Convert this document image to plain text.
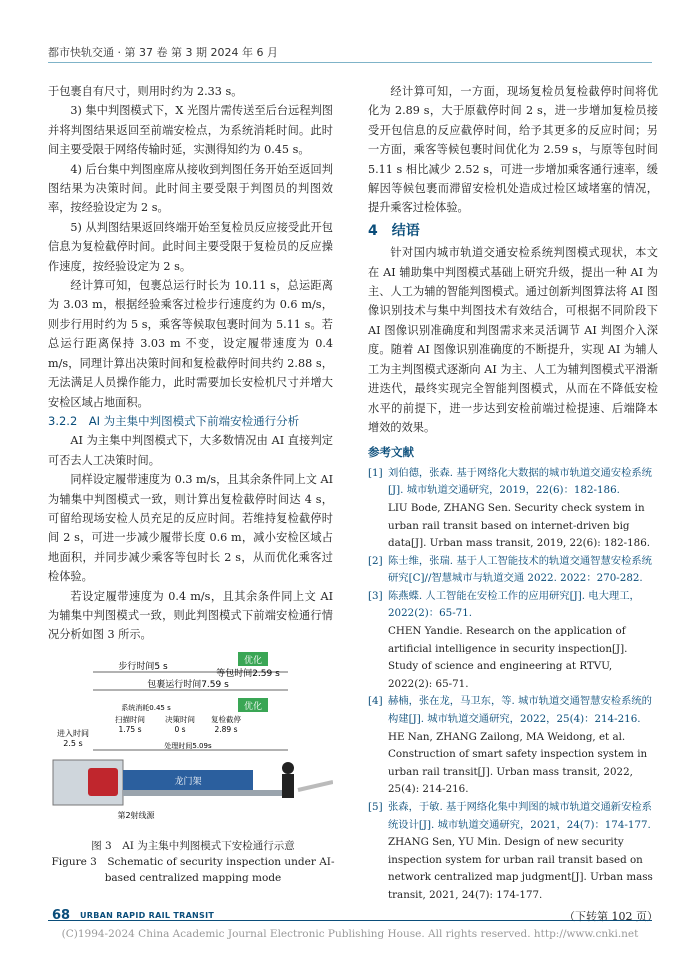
都市快轨交通 · 第 37 卷 第 3 期 2024 年 6 月

于包裹自有尺寸，则用时约为 2.33 s。

3) 集中判图模式下，X 光图片需传送至后台远程判图并将判图结果返回至前端安检点，为系统消耗时间。此时间主要受限于网络传输时延，实测得知约为 0.45 s。

4) 后台集中判图座席从接收到判图任务开始至返回判图结果为决策时间。此时间主要受限于判图员的判图效率，按经验设定为 2 s。

5) 从判图结果返回终端开始至复检员反应接受此开包信息为复检截停时间。此时间主要受限于复检员的反应操作速度，按经验设定为 2 s。

经计算可知，包裹总运行时长为 10.11 s，总运距离为 3.03 m，根据经验乘客过检步行速度约为 0.6 m/s，则步行用时约为 5 s，乘客等候取包裹时间为 5.11 s。若总运行距离保持 3.03 m 不变，设定履带速度为 0.4 m/s，同理计算出决策时间和复检截停时间共约 2.88 s，无法满足人员操作能力，此时需要加长安检机尺寸并增大安检区域占地面积。

3.2.2　AI 为主集中判图模式下前端安检通行分析

AI 为主集中判图模式下，大多数情况由 AI 直接判定可否去人工决策时间。

同样设定履带速度为 0.3 m/s，且其余条件同上文 AI 为辅集中判图模式一致，则计算出复检截停时间达 4 s，可留给现场安检人员充足的反应时间。若维持复检截停时间 2 s，可进一步减少履带长度 0.6 m，减小安检区域占地面积，并同步减少乘客等包时长 2 s，从而优化乘客过检体验。

若设定履带速度为 0.4 m/s，且其余条件同上文 AI 为辅集中判图模式一致，则此判图模式下前端安检通行情况分析如图 3 所示。

优化
步行时间5 s
等包时间2.59 s
包裹运行时间7.59 s
优化
系统消耗0.45 s
扫描时间
1.75 s
决策时间
0 s
复检截停
2.89 s
进入时间
2.5 s	处理时间5.09s
龙门架
第2射线源
图 3　AI 为主集中判图模式下安检通行示意
Figure 3　Schematic of security inspection under AI-based centralized mapping mode

经计算可知，一方面，现场复检员复检截停时间将优化为 2.89 s，大于原截停时间 2 s，进一步增加复检员接受开包信息的反应截停时间，给予其更多的反应时间；另一方面，乘客等候包裹时间优化为 2.59 s，与原等包时间 5.11 s 相比减少 2.52 s，可进一步增加乘客通行速率，缓解因等候包裹而滞留安检机处造成过检区域堵塞的情况，提升乘客过检体验。

4　结语

针对国内城市轨道交通安检系统判图模式现状，本文在 AI 辅助集中判图模式基础上研究升级，提出一种 AI 为主、人工为辅的智能判图模式。通过创新判图算法将 AI 图像识别技术与集中判图技术有效结合，可根据不同阶段下 AI 图像识别准确度和判图需求来灵活调节 AI 判图介入深度。随着 AI 图像识别准确度的不断提升，实现 AI 为辅人工为主判图模式逐渐向 AI 为主、人工为辅判图模式平滑渐进迭代，最终实现完全智能判图模式，从而在不降低安检水平的前提下，进一步达到安检前端过检提速、后端降本增效的效果。

参考文献
[1] 刘伯德，张森. 基于网络化大数据的城市轨道交通安检系统[J]. 城市轨道交通研究，2019，22(6)：182-186.
LIU Bode, ZHANG Sen. Security check system in urban rail transit based on internet-driven big data[J]. Urban mass transit, 2019, 22(6): 182-186.
[2] 陈士维，张瑞. 基于人工智能技术的轨道交通智慧安检系统研究[C]//智慧城市与轨道交通 2022. 2022：270-282.
[3] 陈燕蝶. 人工智能在安检工作的应用研究[J]. 电大理工，2022(2)：65-71.
CHEN Yandie. Research on the application of artificial intelligence in security inspection[J]. Study of science and engineering at RTVU, 2022(2): 65-71.
[4] 赫楠，张在龙，马卫东，等. 城市轨道交通智慧安检系统的构建[J]. 城市轨道交通研究，2022，25(4)：214-216.
HE Nan, ZHANG Zailong, MA Weidong, et al. Construction of smart safety inspection system in urban rail transit[J]. Urban mass transit, 2022, 25(4): 214-216.
[5] 张森，于敏. 基于网络化集中判图的城市轨道交通新安检系统设计[J]. 城市轨道交通研究，2021，24(7)：174-177.
ZHANG Sen, YU Min. Design of new security inspection system for urban rail transit based on network centralized map judgment[J]. Urban mass transit, 2021, 24(7): 174-177.
（下转第 102 页）
68 URBAN RAPID RAIL TRANSIT
(C)1994-2024 China Academic Journal Electronic Publishing House. All rights reserved. http://www.cnki.net
